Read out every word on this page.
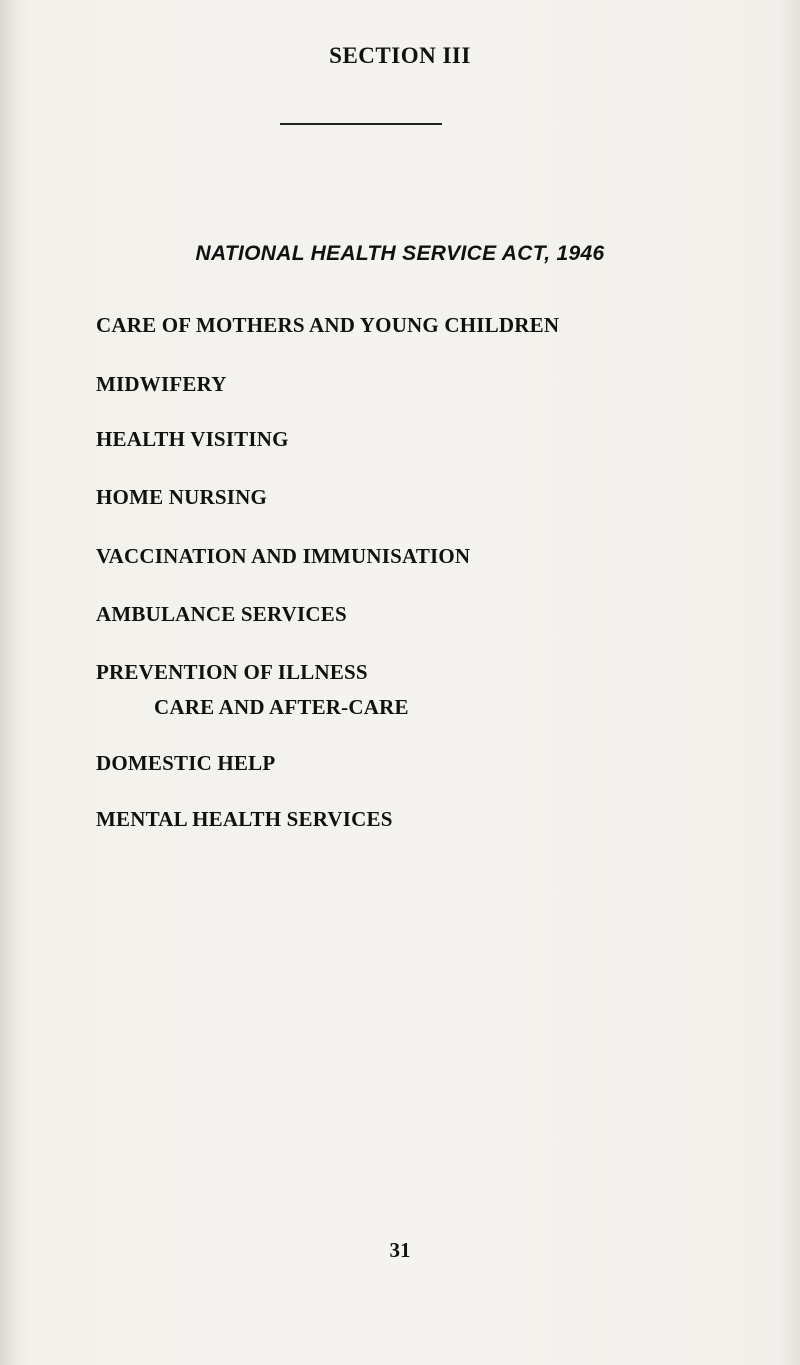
SECTION III
NATIONAL HEALTH SERVICE ACT, 1946
CARE OF MOTHERS AND YOUNG CHILDREN
MIDWIFERY
HEALTH VISITING
HOME NURSING
VACCINATION AND IMMUNISATION
AMBULANCE SERVICES
PREVENTION OF ILLNESS
CARE AND AFTER-CARE
DOMESTIC HELP
MENTAL HEALTH SERVICES
31
